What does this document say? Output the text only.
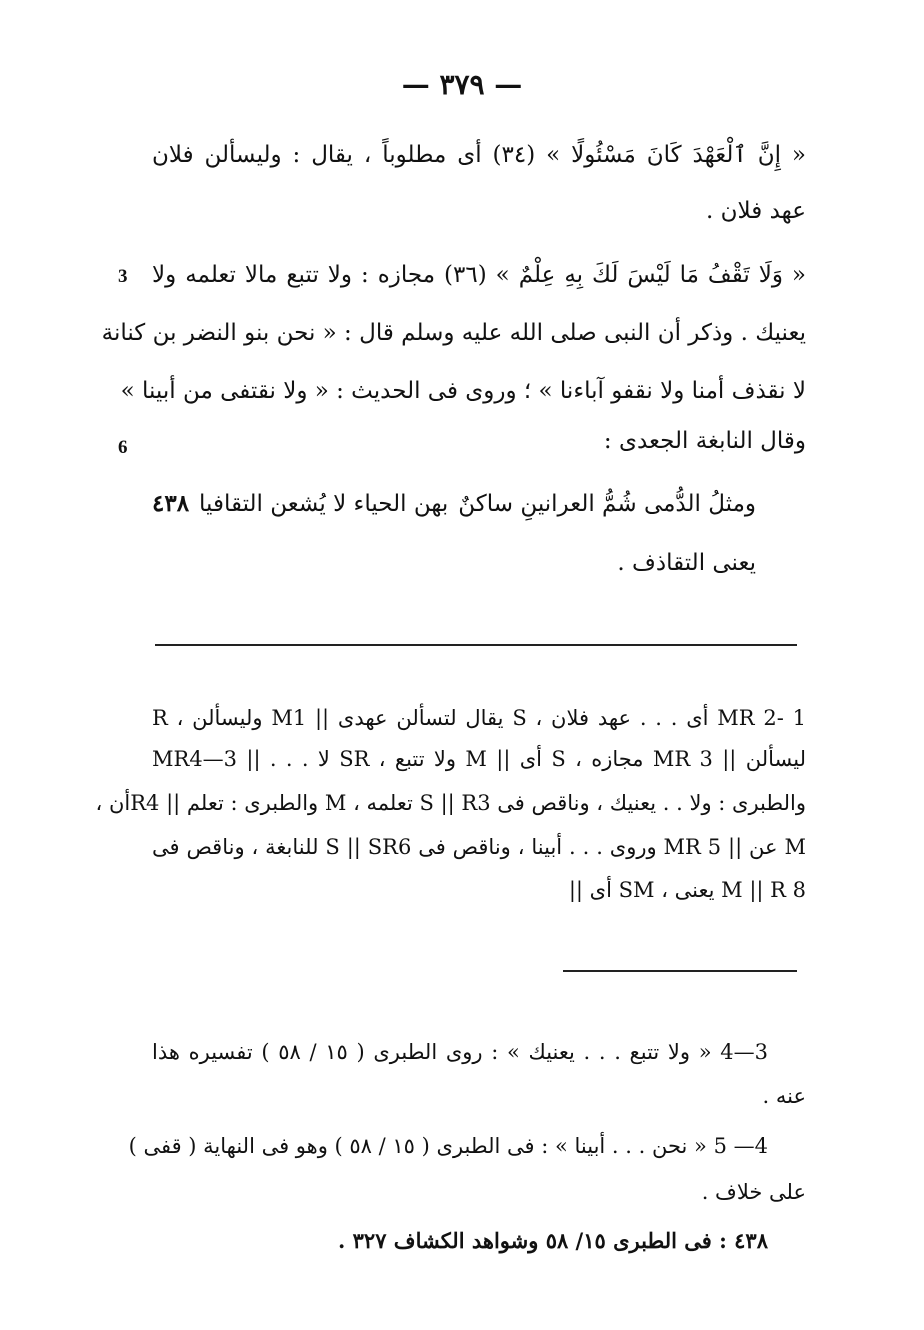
— ٣٧٩ —
« إِنَّ ٱلْعَهْدَ كَانَ مَسْئُولًا » (٣٤) أى مطلوباً ، يقال : وليسألن فلان
عهد فلان .
« وَلَا تَقْفُ مَا لَيْسَ لَكَ بِهِ عِلْمٌ » (٣٦) مجازه : ولا تتبع مالا تعلمه ولا
3
يعنيك . وذكر أن النبى صلى الله عليه وسلم قال : « نحن بنو النضر بن كنانة
لا نقذف أمنا ولا نقفو آباءنا » ؛ وروى فى الحديث : « ولا نقتفى من أبينا »
وقال النابغة الجعدى :
6
ومثلُ الدُّمى شُمُّ العرانينِ ساكنٌ
بهن الحياء لا يُشعن التقافيا
٤٣٨
يعنى التقاذف .
1 -2 MR أى . . . عهد فلان ، S يقال لتسألن عهدى || M1 وليسألن ، R
ليسألن || MR 3 مجازه ، S أى || M ولا تتبع ، SR لا . . . || MR4—3
والطبرى : ولا . . يعنيك ، وناقص فى S || R3 تعلمه ، M والطبرى : تعلم || R4أن ،
M عن || MR 5 وروى . . . أبينا ، وناقص فى S || SR6 للنابغة ، وناقص فى
M || R 8 يعنى ، SM أى ||
3—4 « ولا تتبع . . . يعنيك » : روى الطبرى ( ١٥ / ٥٨ ) تفسيره هذا
عنه .
4— 5 « نحن . . . أبينا » : فى الطبرى ( ١٥ / ٥٨ ) وهو فى النهاية ( قفى )
على خلاف .
٤٣٨ : فى الطبرى ١٥/ ٥٨ وشواهد الكشاف ٣٢٧ .
